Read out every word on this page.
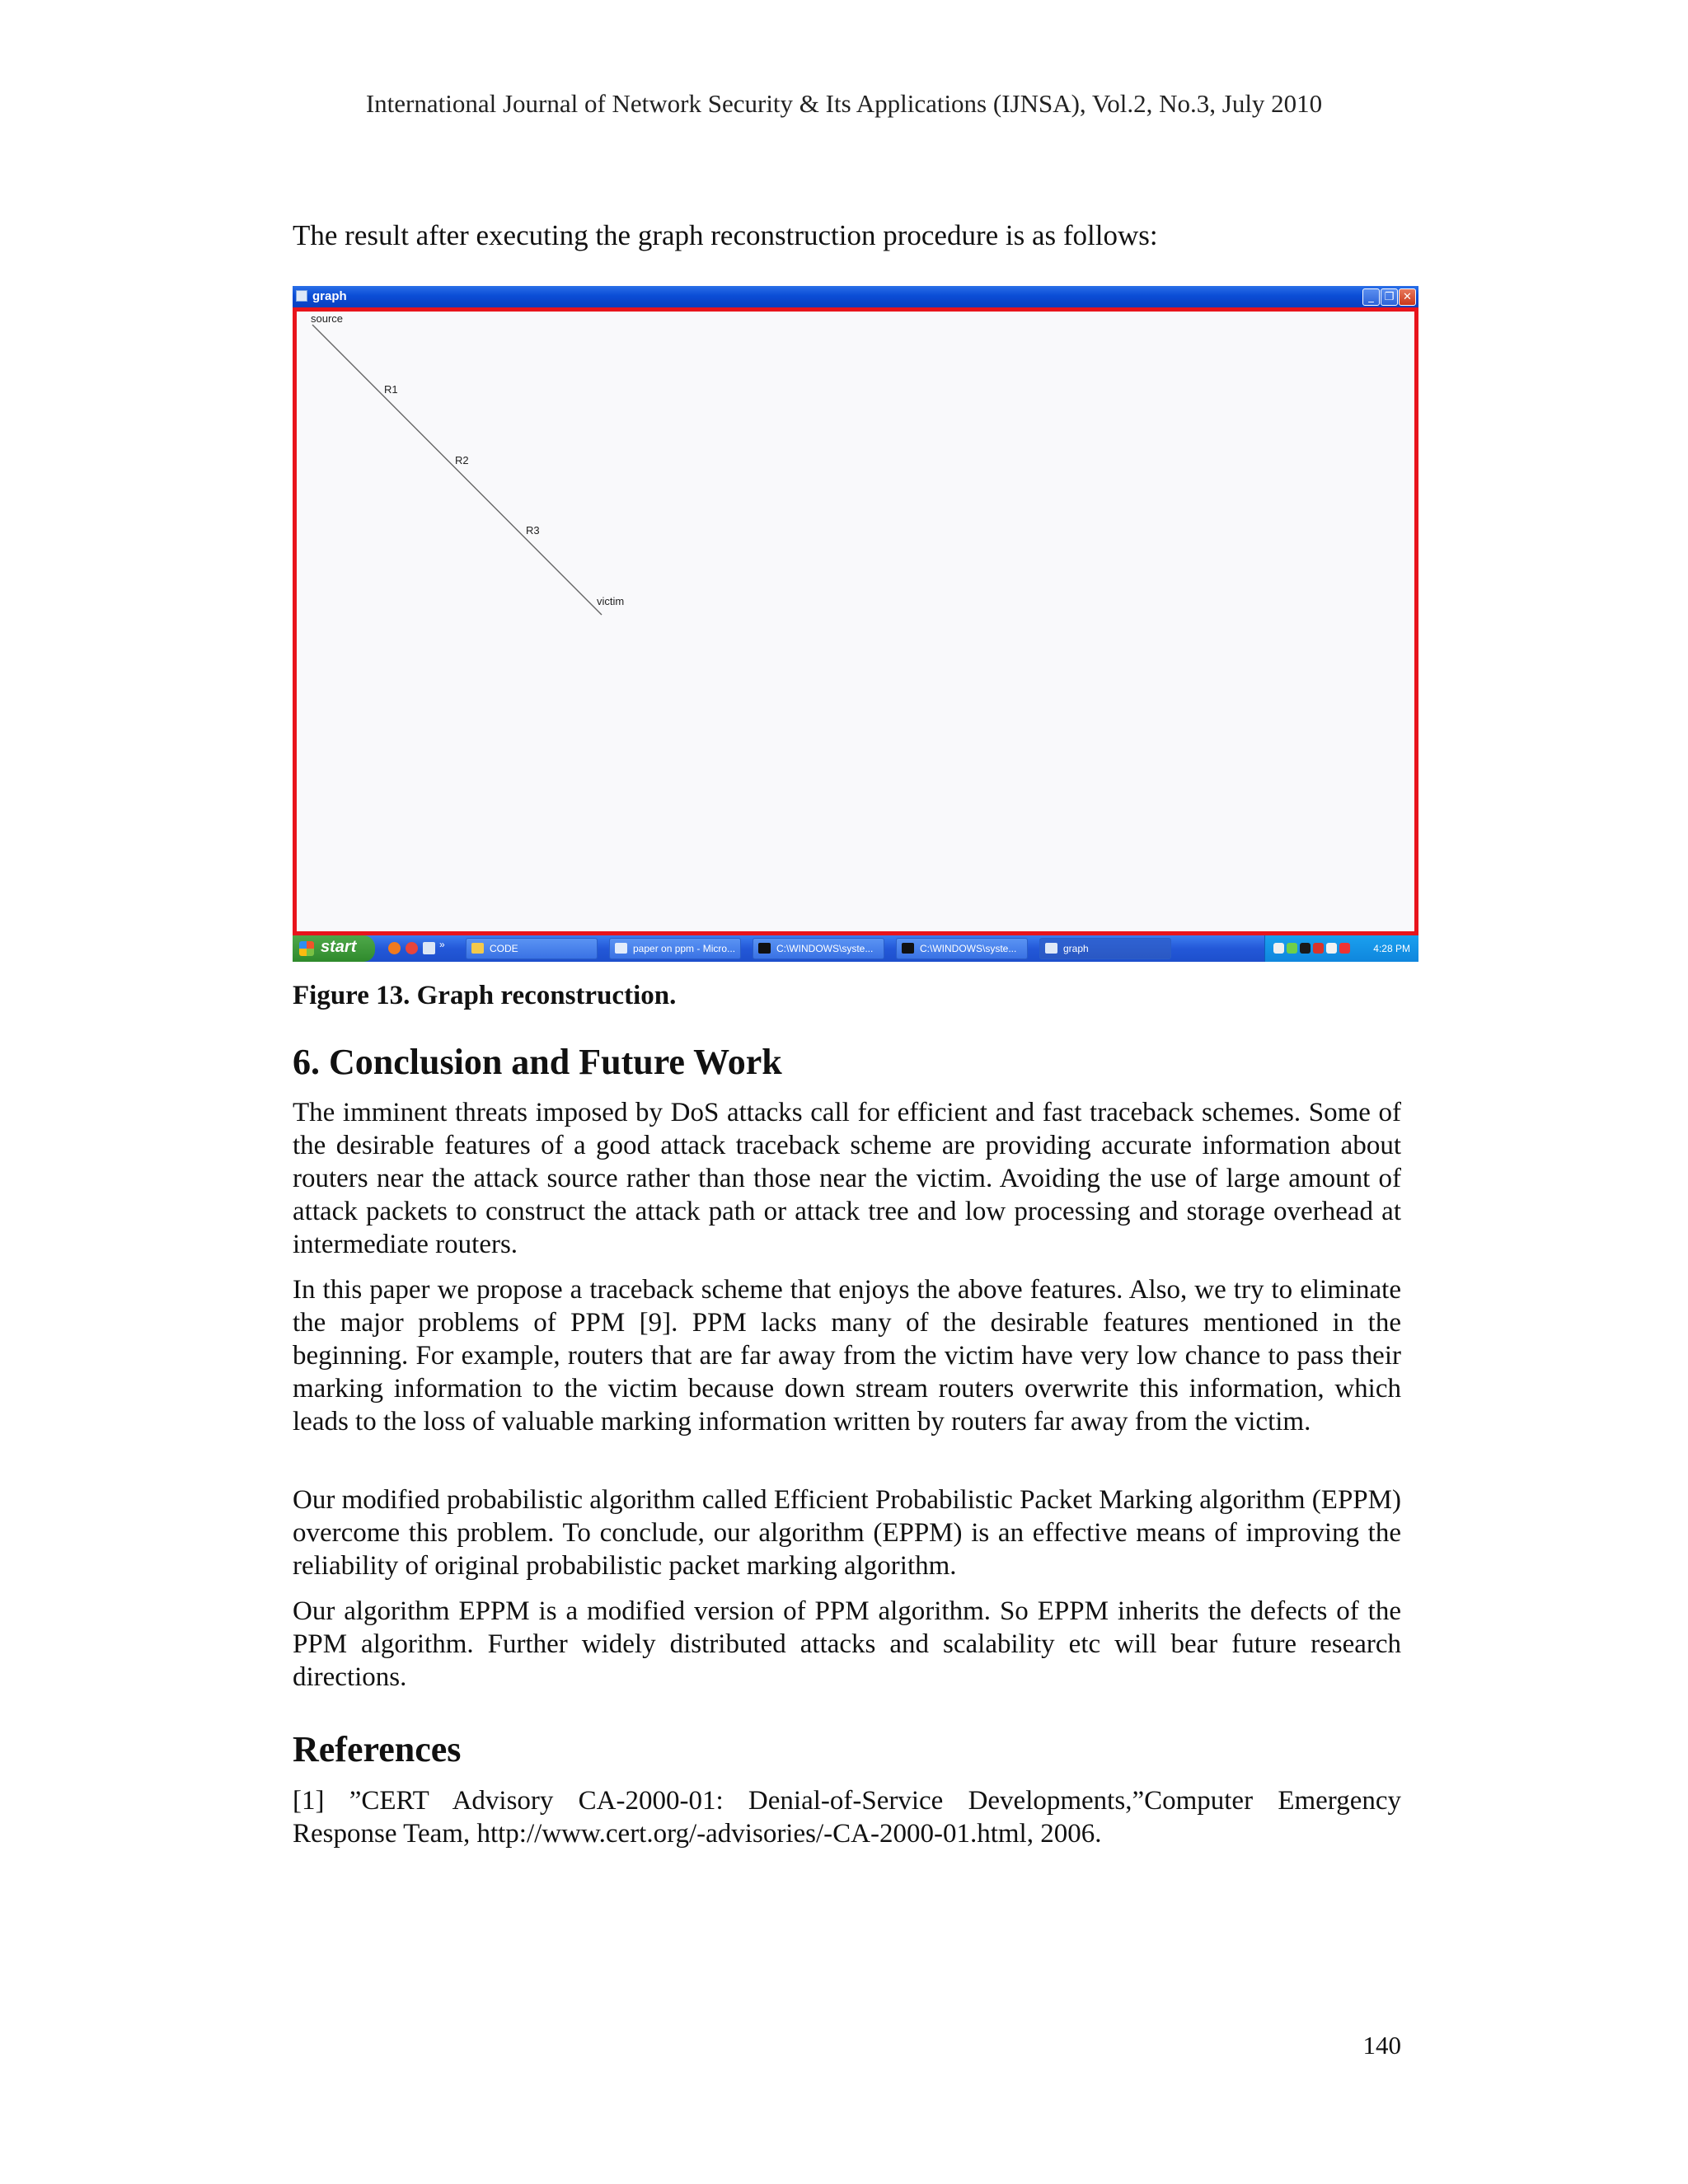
International Journal of Network Security & Its Applications (IJNSA), Vol.2, No.3, July 2010
The result after executing the graph reconstruction procedure is as follows:
graph	_ ❐ ✕
source
R1
R2
R3
victim
start	»	CODE	paper on ppm - Micro...	C:\WINDOWS\syste...	C:\WINDOWS\syste...	graph	4:28 PM
Figure 13. Graph reconstruction.
6. Conclusion and Future Work

The imminent threats imposed by DoS attacks call for efficient and fast traceback schemes. Some of the desirable features of a good attack traceback scheme are providing accurate information about routers near the attack source rather than those near the victim. Avoiding the use of large amount of attack packets to construct the attack path or attack tree and low processing and storage overhead at intermediate routers.

In this paper we propose a traceback scheme that enjoys the above features. Also, we try to eliminate the major problems of PPM [9]. PPM lacks many of the desirable features mentioned in the beginning. For example, routers that are far away from the victim have very low chance to pass their marking information to the victim because down stream routers overwrite this information, which leads to the loss of valuable marking information written by routers far away from the victim.

Our modified probabilistic algorithm called Efficient Probabilistic Packet Marking algorithm (EPPM) overcome this problem. To conclude, our algorithm (EPPM) is an effective means of improving the reliability of original probabilistic packet marking algorithm.

Our algorithm EPPM is a modified version of PPM algorithm. So EPPM inherits the defects of the PPM algorithm. Further widely distributed attacks and scalability etc will bear future research directions.

References

[1] ”CERT Advisory CA-2000-01: Denial-of-Service Developments,”Computer Emergency Response Team, http://www.cert.org/-advisories/-CA-2000-01.html, 2006.

140
